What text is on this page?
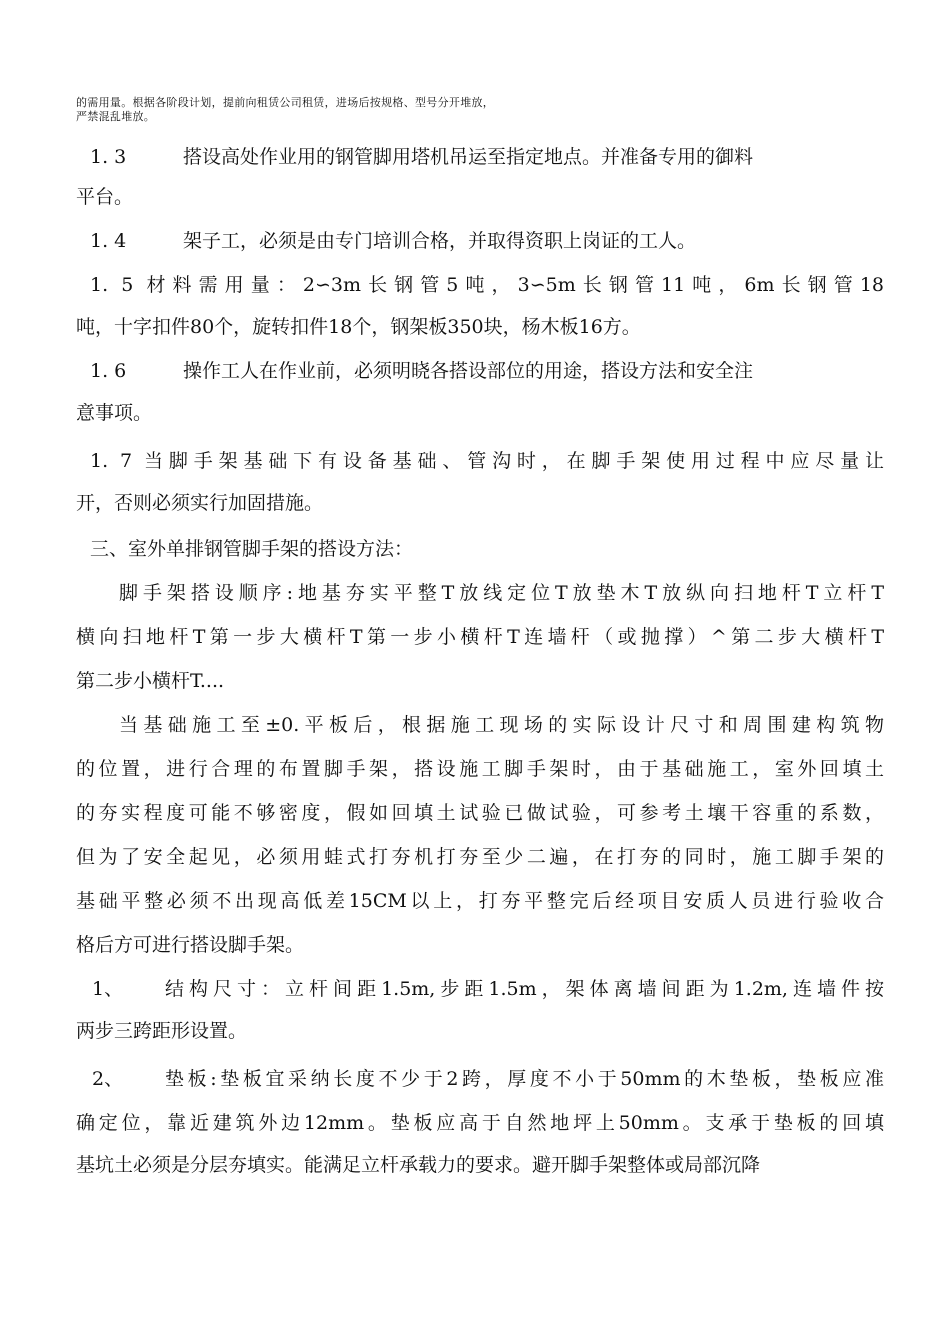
的需用量。根据各阶段计划，提前向租赁公司租赁，进场后按规格、型号分开堆放，
严禁混乱堆放。
1. 3	搭设高处作业用的钢管脚用塔机吊运至指定地点。并准备专用的御料
平台。
1. 4	架子工，必须是由专门培训合格，并取得资职上岗证的工人。
1. 5 材料需用量：2∽3m长钢管5吨，3∽5m长钢管11吨，6m长钢管18
吨，十字扣件80个，旋转扣件18个，钢架板350块，杨木板16方。
1. 6	操作工人在作业前，必须明晓各搭设部位的用途，搭设方法和安全注
意事项。
1. 7 当脚手架基础下有设备基础、管沟时，在脚手架使用过程中应尽量让
开，否则必须实行加固措施。
三、室外单排钢管脚手架的搭设方法：
脚手架搭设顺序:地基夯实平整T放线定位T放垫木T放纵向扫地杆T立杆T
横向扫地杆T第一步大横杆T第一步小横杆T连墙杆（或抛撑）^第二步大横杆T
第二步小横杆T....
当基础施工至±0.平板后，根据施工现场的实际设计尺寸和周围建构筑物
的位置，进行合理的布置脚手架，搭设施工脚手架时，由于基础施工，室外回填土
的夯实程度可能不够密度，假如回填土试验已做试验，可参考土壤干容重的系数，
但为了安全起见，必须用蛙式打夯机打夯至少二遍，在打夯的同时，施工脚手架的
基础平整必须不出现高低差15CM以上，打夯平整完后经项目安质人员进行验收合
格后方可进行搭设脚手架。
1、 结构尺寸：立杆间距1.5m,步距1.5m，架体离墙间距为1.2m,连墙件按
两步三跨距形设置。
2、 垫板:垫板宜采纳长度不少于2跨，厚度不小于50mm的木垫板，垫板应准
确定位，靠近建筑外边12mm。垫板应高于自然地坪上50mm。支承于垫板的回填
基坑土必须是分层夯填实。能满足立杆承载力的要求。避开脚手架整体或局部沉降
